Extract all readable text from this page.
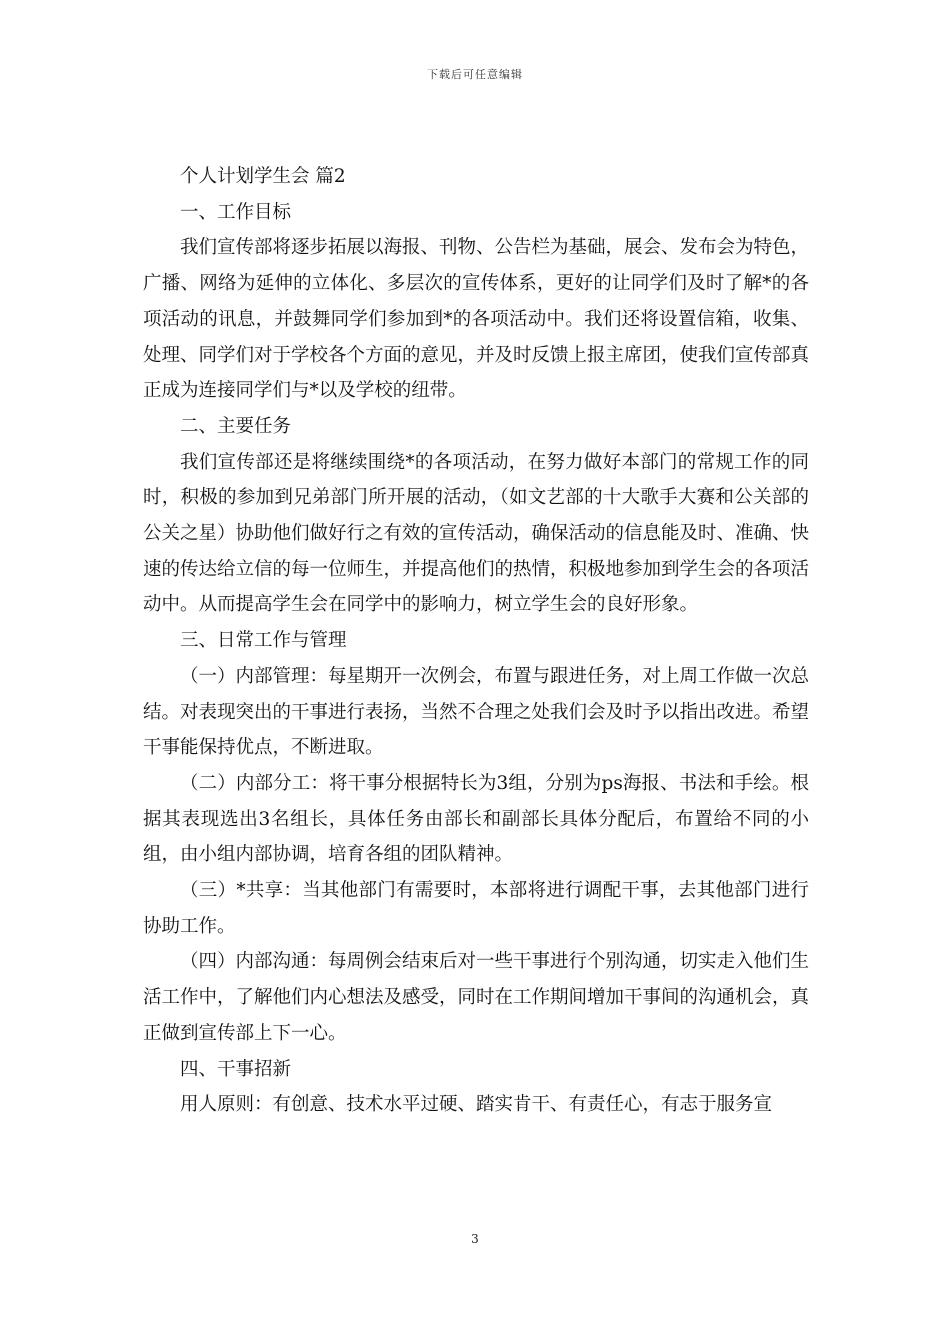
下载后可任意编辑

个人计划学生会 篇2

一、工作目标

我们宣传部将逐步拓展以海报、刊物、公告栏为基础，展会、发布会为特色，广播、网络为延伸的立体化、多层次的宣传体系，更好的让同学们及时了解*的各项活动的讯息，并鼓舞同学们参加到*的各项活动中。我们还将设置信箱，收集、处理、同学们对于学校各个方面的意见，并及时反馈上报主席团，使我们宣传部真正成为连接同学们与*以及学校的纽带。

二、主要任务

我们宣传部还是将继续围绕*的各项活动，在努力做好本部门的常规工作的同时，积极的参加到兄弟部门所开展的活动，（如文艺部的十大歌手大赛和公关部的公关之星）协助他们做好行之有效的宣传活动，确保活动的信息能及时、准确、快速的传达给立信的每一位师生，并提高他们的热情，积极地参加到学生会的各项活动中。从而提高学生会在同学中的影响力，树立学生会的良好形象。

三、日常工作与管理

（一）内部管理：每星期开一次例会，布置与跟进任务，对上周工作做一次总结。对表现突出的干事进行表扬，当然不合理之处我们会及时予以指出改进。希望干事能保持优点，不断进取。

（二）内部分工：将干事分根据特长为3组，分别为ps海报、书法和手绘。根据其表现选出3名组长，具体任务由部长和副部长具体分配后，布置给不同的小组，由小组内部协调，培育各组的团队精神。

（三）*共享：当其他部门有需要时，本部将进行调配干事，去其他部门进行协助工作。

（四）内部沟通：每周例会结束后对一些干事进行个别沟通，切实走入他们生活工作中，了解他们内心想法及感受，同时在工作期间增加干事间的沟通机会，真正做到宣传部上下一心。

四、干事招新

用人原则：有创意、技术水平过硬、踏实肯干、有责任心，有志于服务宣

3
